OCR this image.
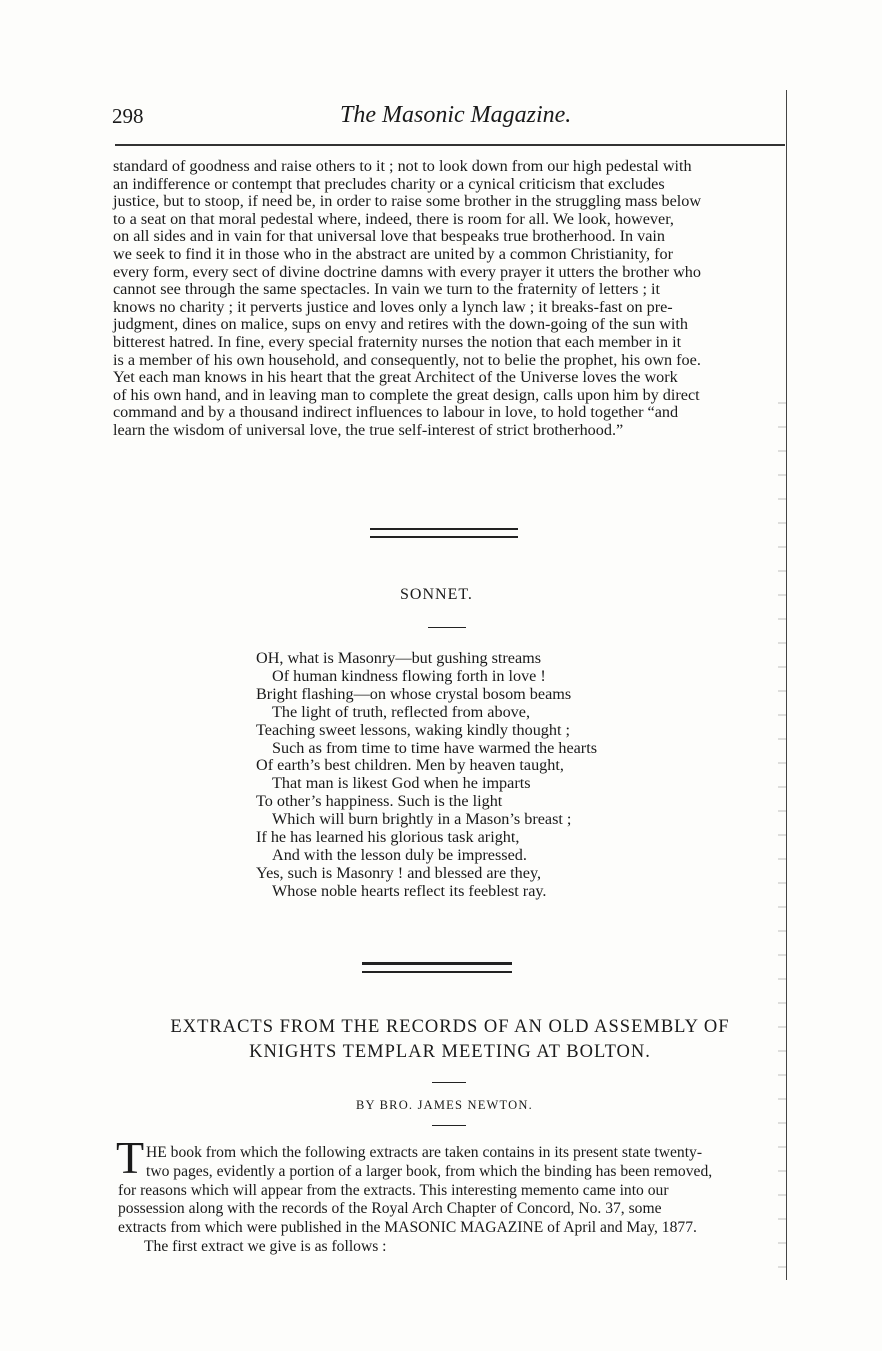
298	The Masonic Magazine.
standard of goodness and raise others to it ; not to look down from our high pedestal with
an indifference or contempt that precludes charity or a cynical criticism that excludes
justice, but to stoop, if need be, in order to raise some brother in the struggling mass below
to a seat on that moral pedestal where, indeed, there is room for all. We look, however,
on all sides and in vain for that universal love that bespeaks true brotherhood. In vain
we seek to find it in those who in the abstract are united by a common Christianity, for
every form, every sect of divine doctrine damns with every prayer it utters the brother who
cannot see through the same spectacles. In vain we turn to the fraternity of letters ; it
knows no charity ; it perverts justice and loves only a lynch law ; it breaks-fast on pre-
judgment, dines on malice, sups on envy and retires with the down-going of the sun with
bitterest hatred. In fine, every special fraternity nurses the notion that each member in it
is a member of his own household, and consequently, not to belie the prophet, his own foe.
Yet each man knows in his heart that the great Architect of the Universe loves the work
of his own hand, and in leaving man to complete the great design, calls upon him by direct
command and by a thousand indirect influences to labour in love, to hold together “and
learn the wisdom of universal love, the true self-interest of strict brotherhood.”
SONNET.
OH, what is Masonry—but gushing streams
Of human kindness flowing forth in love !
Bright flashing—on whose crystal bosom beams
The light of truth, reflected from above,
Teaching sweet lessons, waking kindly thought ;
Such as from time to time have warmed the hearts
Of earth’s best children. Men by heaven taught,
That man is likest God when he imparts
To other’s happiness. Such is the light
Which will burn brightly in a Mason’s breast ;
If he has learned his glorious task aright,
And with the lesson duly be impressed.
Yes, such is Masonry ! and blessed are they,
Whose noble hearts reflect its feeblest ray.
EXTRACTS FROM THE RECORDS OF AN OLD ASSEMBLY OF
KNIGHTS TEMPLAR MEETING AT BOLTON.
BY BRO. JAMES NEWTON.
T HE book from which the following extracts are taken contains in its present state twenty-
two pages, evidently a portion of a larger book, from which the binding has been removed,
for reasons which will appear from the extracts. This interesting memento came into our
possession along with the records of the Royal Arch Chapter of Concord, No. 37, some
extracts from which were published in the MASONIC MAGAZINE of April and May, 1877.
The first extract we give is as follows :
